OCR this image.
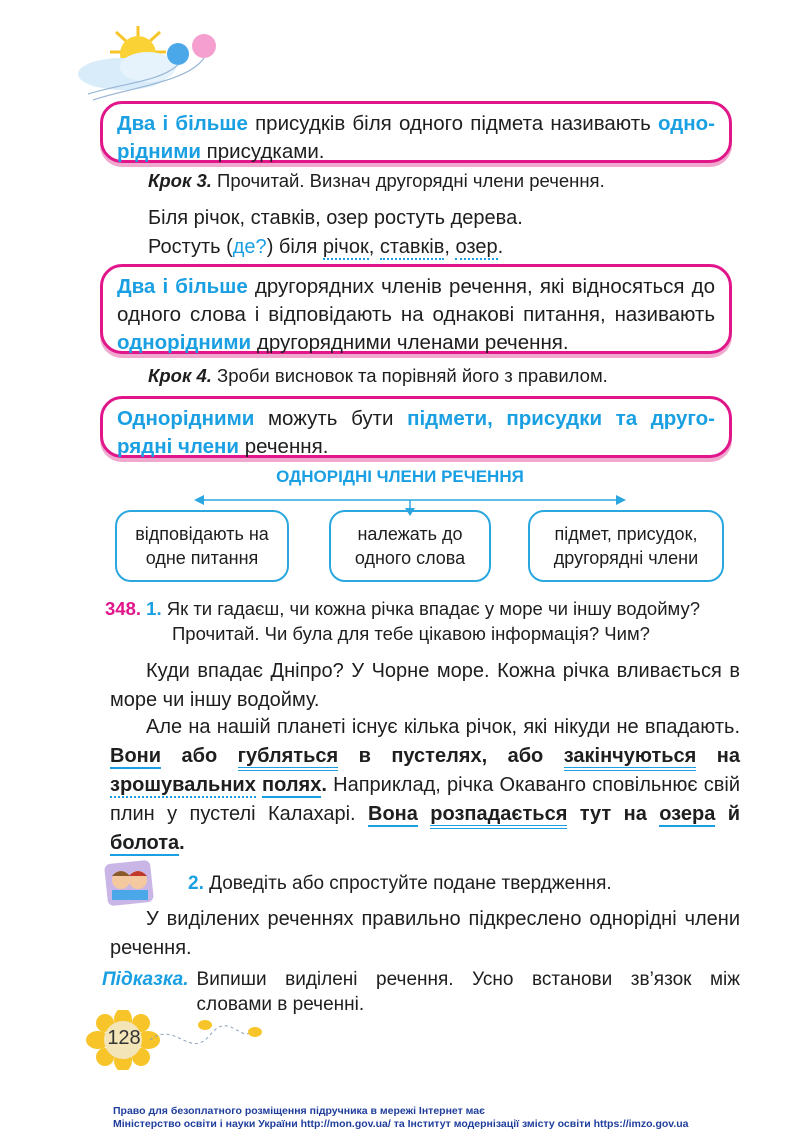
Два і більше присудків біля одного підмета називають однорідними присудками.
Крок 3. Прочитай. Визнач другорядні члени речення.
Біля річок, ставків, озер ростуть дерева.
Ростуть (де?) біля річок, ставків, озер.
Два і більше другорядних членів речення, які відносяться до одного слова і відповідають на однакові питання, називають однорідними другорядними членами речення.
Крок 4. Зроби висновок та порівняй його з правилом.
Однорідними можуть бути підмети, присудки та другорядні члени речення.
ОДНОРІДНІ ЧЛЕНИ РЕЧЕННЯ
відповідають на одне питання
належать до одного слова
підмет, присудок, другорядні члени
348. 1. Як ти гадаєш, чи кожна річка впадає у море чи іншу водойму?
Прочитай. Чи була для тебе цікавою інформація? Чим?
Куди впадає Дніпро? У Чорне море. Кожна річка вливається в море чи іншу водойму.
Але на нашій планеті існує кілька річок, які нікуди не впадають. Вони або губляться в пустелях, або закінчуються на зрошувальних полях. Наприклад, річка Окаванго сповільнює свій плин у пустелі Калахарі. Вона розпадається тут на озера й болота.
2. Доведіть або спростуйте подане твердження.
У виділених реченнях правильно підкреслено однорідні члени речення.
Підказка. Випиши виділені речення. Усно встанови зв’язок між словами в реченні.
128
Право для безоплатного розміщення підручника в мережі Інтернет має
Міністерство освіти і науки України http://mon.gov.ua/ та Інститут модернізації змісту освіти https://imzo.gov.ua
